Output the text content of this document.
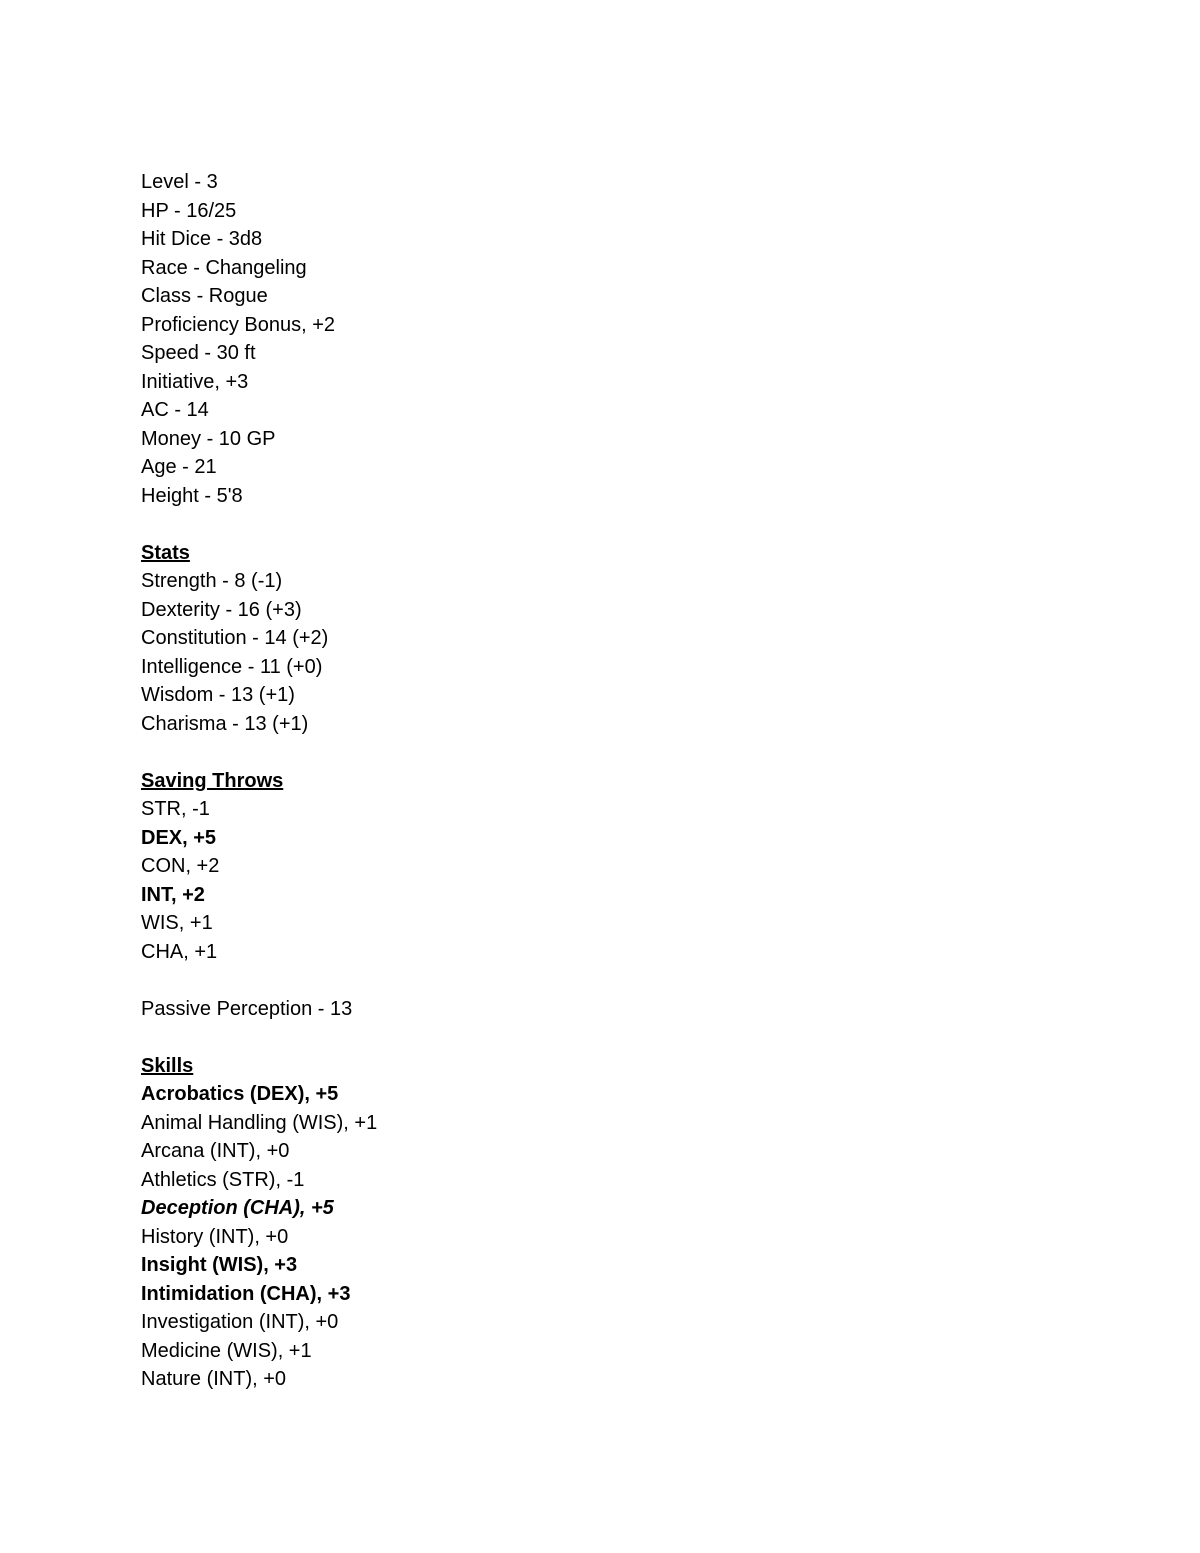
Level - 3
HP - 16/25
Hit Dice - 3d8
Race - Changeling
Class - Rogue
Proficiency Bonus, +2
Speed - 30 ft
Initiative, +3
AC - 14
Money - 10 GP
Age - 21
Height - 5'8
Stats
Strength - 8 (-1)
Dexterity - 16 (+3)
Constitution - 14 (+2)
Intelligence - 11 (+0)
Wisdom - 13 (+1)
Charisma - 13 (+1)
Saving Throws
STR, -1
DEX, +5
CON, +2
INT, +2
WIS, +1
CHA, +1
Passive Perception - 13
Skills
Acrobatics (DEX), +5
Animal Handling (WIS), +1
Arcana (INT), +0
Athletics (STR), -1
Deception (CHA), +5
History (INT), +0
Insight (WIS), +3
Intimidation (CHA), +3
Investigation (INT), +0
Medicine (WIS), +1
Nature (INT), +0
